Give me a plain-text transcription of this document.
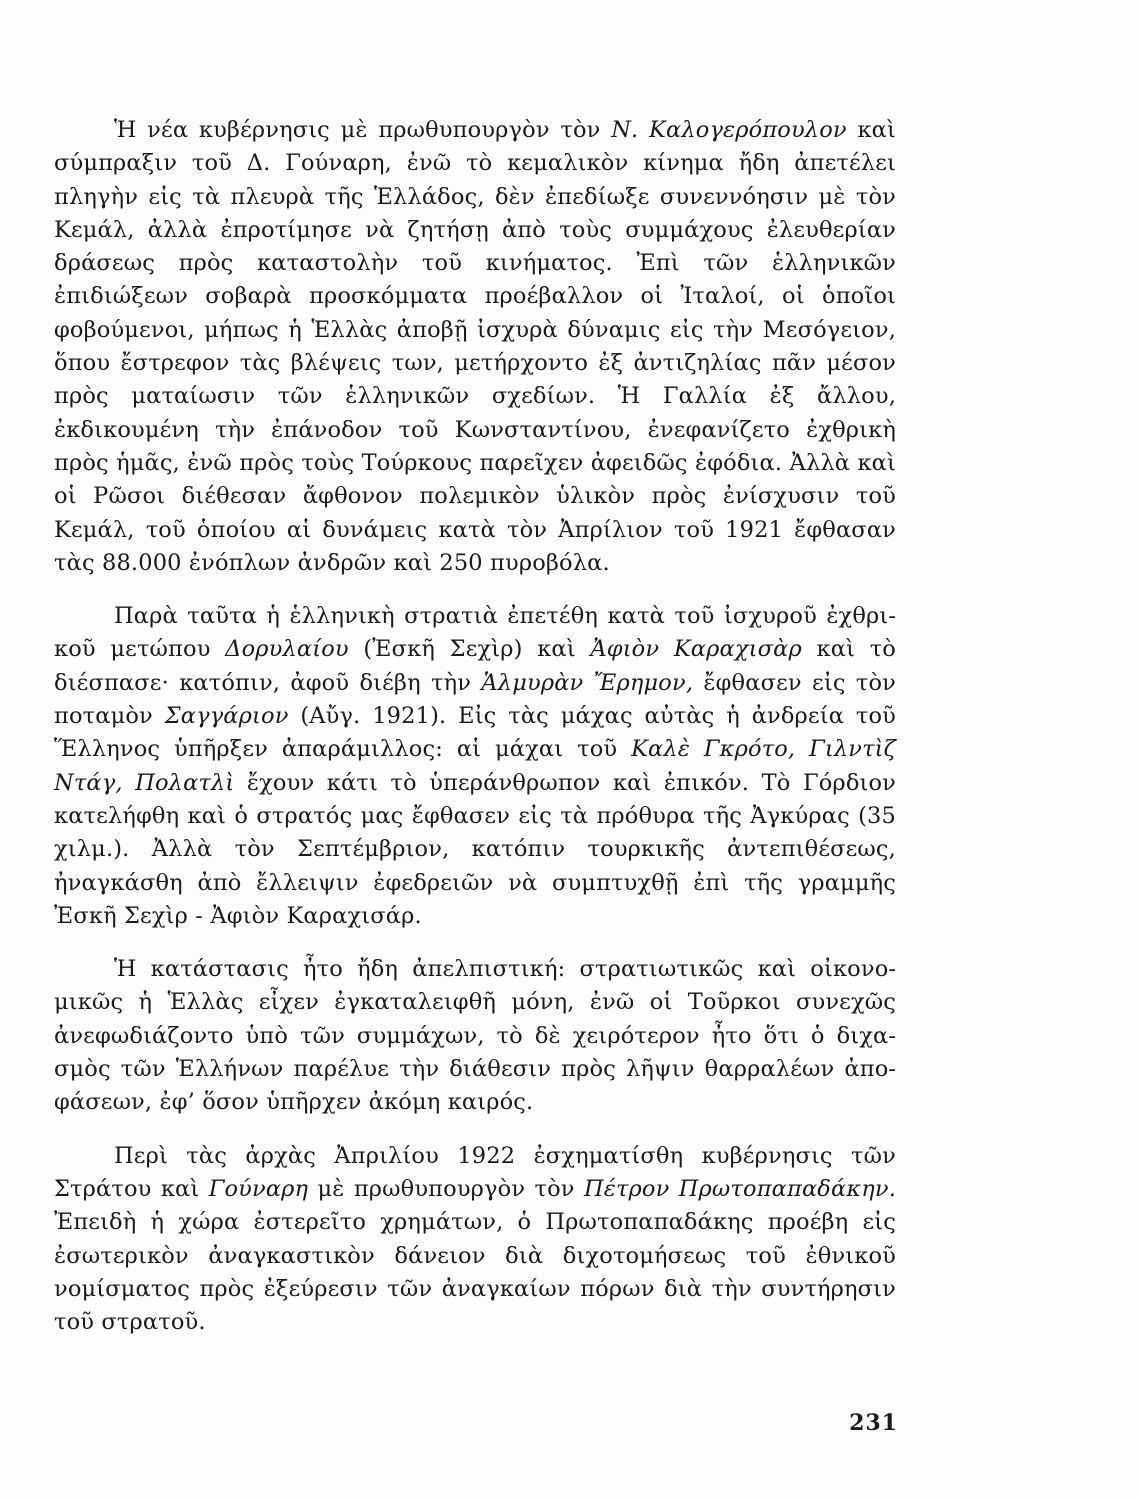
Ἡ νέα κυβέρνησις μὲ πρωθυπουργὸν τὸν Ν. Καλογερόπουλον καὶ σύμπραξιν τοῦ Δ. Γούναρη, ἐνῶ τὸ κεμαλικὸν κίνημα ἤδη ἀπετέλει πληγὴν εἰς τὰ πλευρὰ τῆς Ἑλλάδος, δὲν ἐπεδίωξε συνεννόησιν μὲ τὸν Κεμάλ, ἀλλὰ ἐπροτίμησε νὰ ζητήσῃ ἀπὸ τοὺς συμμάχους ἐλευθερίαν δράσεως πρὸς καταστολὴν τοῦ κινήματος. Ἐπὶ τῶν ἑλληνικῶν ἐπιδιώξεων σοβαρὰ προσκόμματα προέβαλλον οἱ Ἰταλοί, οἱ ὁποῖοι φοβούμενοι, μήπως ἡ Ἑλλὰς ἀποβῇ ἰσχυρὰ δύναμις εἰς τὴν Μεσόγειον, ὅπου ἔστρεφον τὰς βλέψεις των, μετήρχοντο ἐξ ἀντιζηλίας πᾶν μέσον πρὸς ματαίωσιν τῶν ἑλληνικῶν σχεδίων. Ἡ Γαλλία ἐξ ἄλλου, ἐκδικουμένη τὴν ἐπάνοδον τοῦ Κωνσταντίνου, ἐνεφανίζετο ἐχθρικὴ πρὸς ἡμᾶς, ἐνῶ πρὸς τοὺς Τούρκους παρεῖχεν ἀφειδῶς ἐφόδια. Ἀλλὰ καὶ οἱ Ρῶσοι διέθεσαν ἄφθονον πολεμικὸν ὑλικὸν πρὸς ἐνίσχυσιν τοῦ Κεμάλ, τοῦ ὁποίου αἱ δυνάμεις κατὰ τὸν Ἀπρίλιον τοῦ 1921 ἔφθασαν τὰς 88.000 ἐνόπλων ἀνδρῶν καὶ 250 πυροβόλα.

Παρὰ ταῦτα ἡ ἑλληνικὴ στρατιὰ ἐπετέθη κατὰ τοῦ ἰσχυροῦ ἐχθρικοῦ μετώπου Δορυλαίου (Ἐσκῆ Σεχὶρ) καὶ Ἀφιὸν Καραχισὰρ καὶ τὸ διέσπασε· κατόπιν, ἀφοῦ διέβη τὴν Ἁλμυρὰν Ἔρημον, ἔφθασεν εἰς τὸν ποταμὸν Σαγγάριον (Αὔγ. 1921). Εἰς τὰς μάχας αὐτὰς ἡ ἀνδρεία τοῦ Ἕλληνος ὑπῆρξεν ἀπαράμιλλος: αἱ μάχαι τοῦ Καλὲ Γκρότο, Γιλντὶζ Ντάγ, Πολατλὶ ἔχουν κάτι τὸ ὑπεράνθρωπον καὶ ἐπικόν. Τὸ Γόρδιον κατελήφθη καὶ ὁ στρατός μας ἔφθασεν εἰς τὰ πρόθυρα τῆς Ἀγκύρας (35 χιλμ.). Ἀλλὰ τὸν Σεπτέμβριον, κατόπιν τουρκικῆς ἀντεπιθέσεως, ἠναγκάσθη ἀπὸ ἔλλειψιν ἐφεδρειῶν νὰ συμπτυχθῇ ἐπὶ τῆς γραμμῆς Ἐσκῆ Σεχὶρ - Ἀφιὸν Καραχισάρ.

Ἡ κατάστασις ἦτο ἤδη ἀπελπιστική: στρατιωτικῶς καὶ οἰκονομικῶς ἡ Ἑλλὰς εἶχεν ἐγκαταλειφθῆ μόνη, ἐνῶ οἱ Τοῦρκοι συνεχῶς ἀνεφωδιάζοντο ὑπὸ τῶν συμμάχων, τὸ δὲ χειρότερον ἦτο ὅτι ὁ διχασμὸς τῶν Ἑλλήνων παρέλυε τὴν διάθεσιν πρὸς λῆψιν θαρραλέων ἀποφάσεων, ἐφ’ ὅσον ὑπῆρχεν ἀκόμη καιρός.

Περὶ τὰς ἀρχὰς Ἀπριλίου 1922 ἐσχηματίσθη κυβέρνησις τῶν Στράτου καὶ Γούναρη μὲ πρωθυπουργὸν τὸν Πέτρον Πρωτοπαπαδάκην. Ἐπειδὴ ἡ χώρα ἐστερεῖτο χρημάτων, ὁ Πρωτοπαπαδάκης προέβη εἰς ἐσωτερικὸν ἀναγκαστικὸν δάνειον διὰ διχοτομήσεως τοῦ ἐθνικοῦ νομίσματος πρὸς ἐξεύρεσιν τῶν ἀναγκαίων πόρων διὰ τὴν συντήρησιν τοῦ στρατοῦ.

231
